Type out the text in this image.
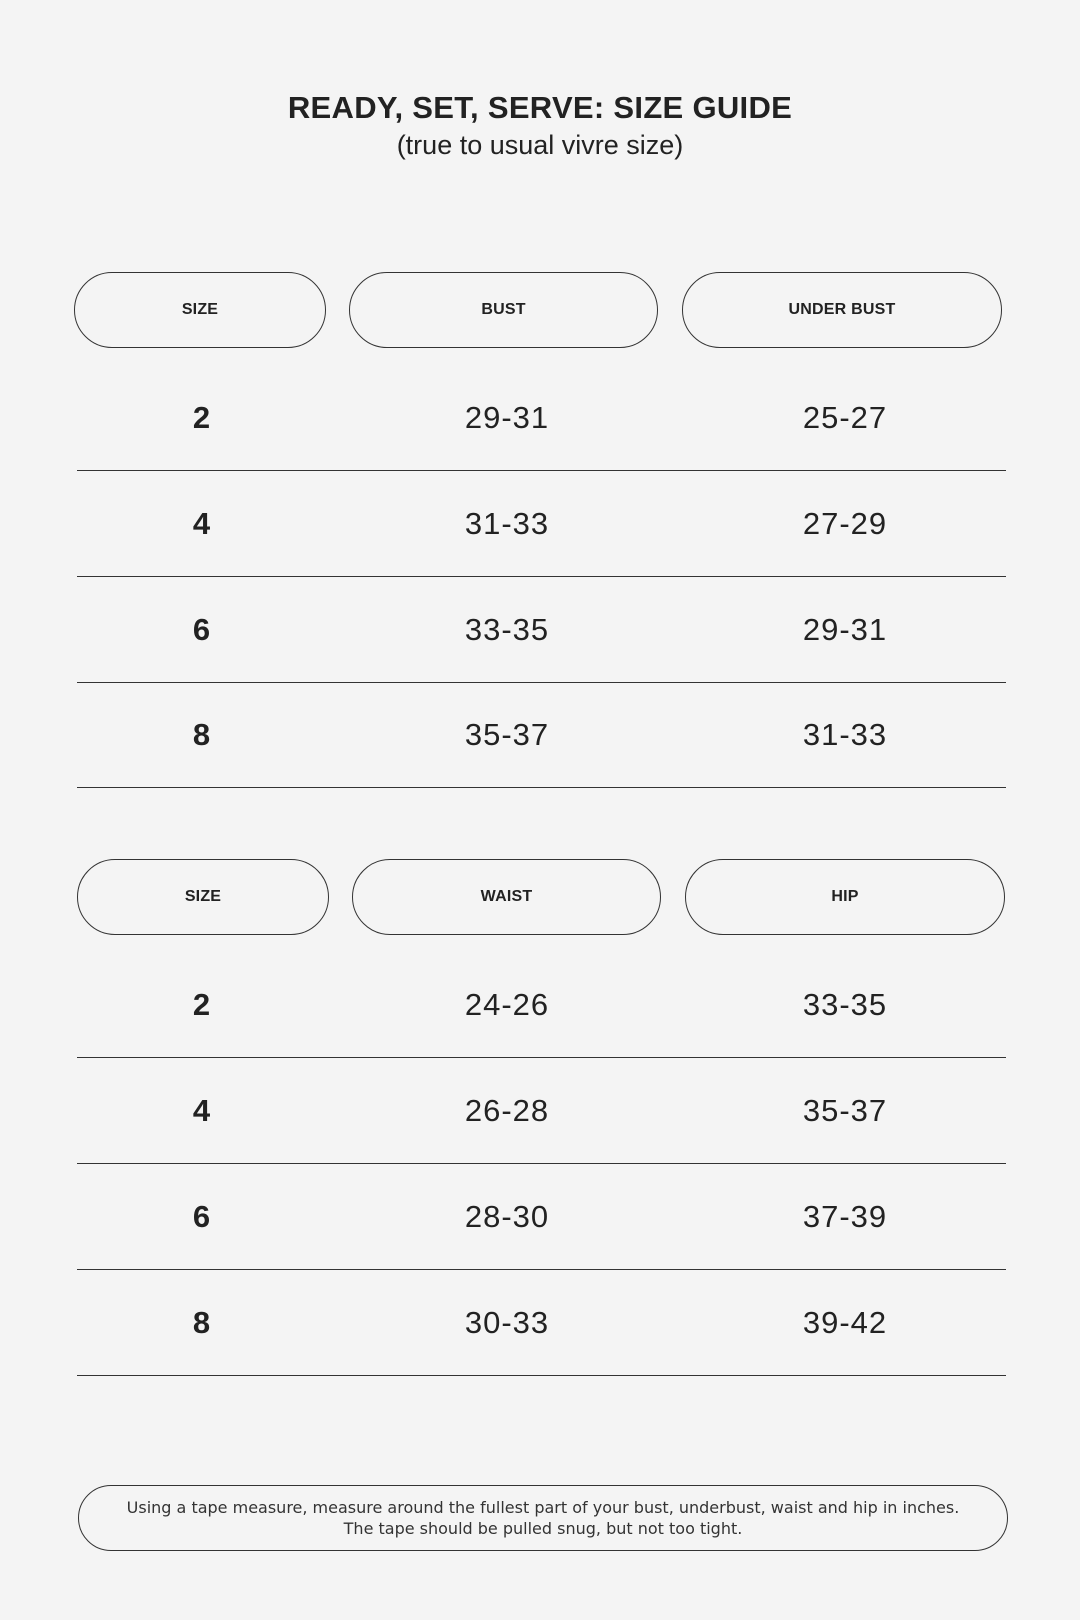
READY, SET, SERVE: SIZE GUIDE
(true to usual vivre size)
SIZE	BUST	UNDER BUST
2	29-31	25-27
4	31-33	27-29
6	33-35	29-31
8	35-37	31-33
SIZE	WAIST	HIP
2	24-26	33-35
4	26-28	35-37
6	28-30	37-39
8	30-33	39-42
Using a tape measure, measure around the fullest part of your bust, underbust, waist and hip in inches.
The tape should be pulled snug, but not too tight.
